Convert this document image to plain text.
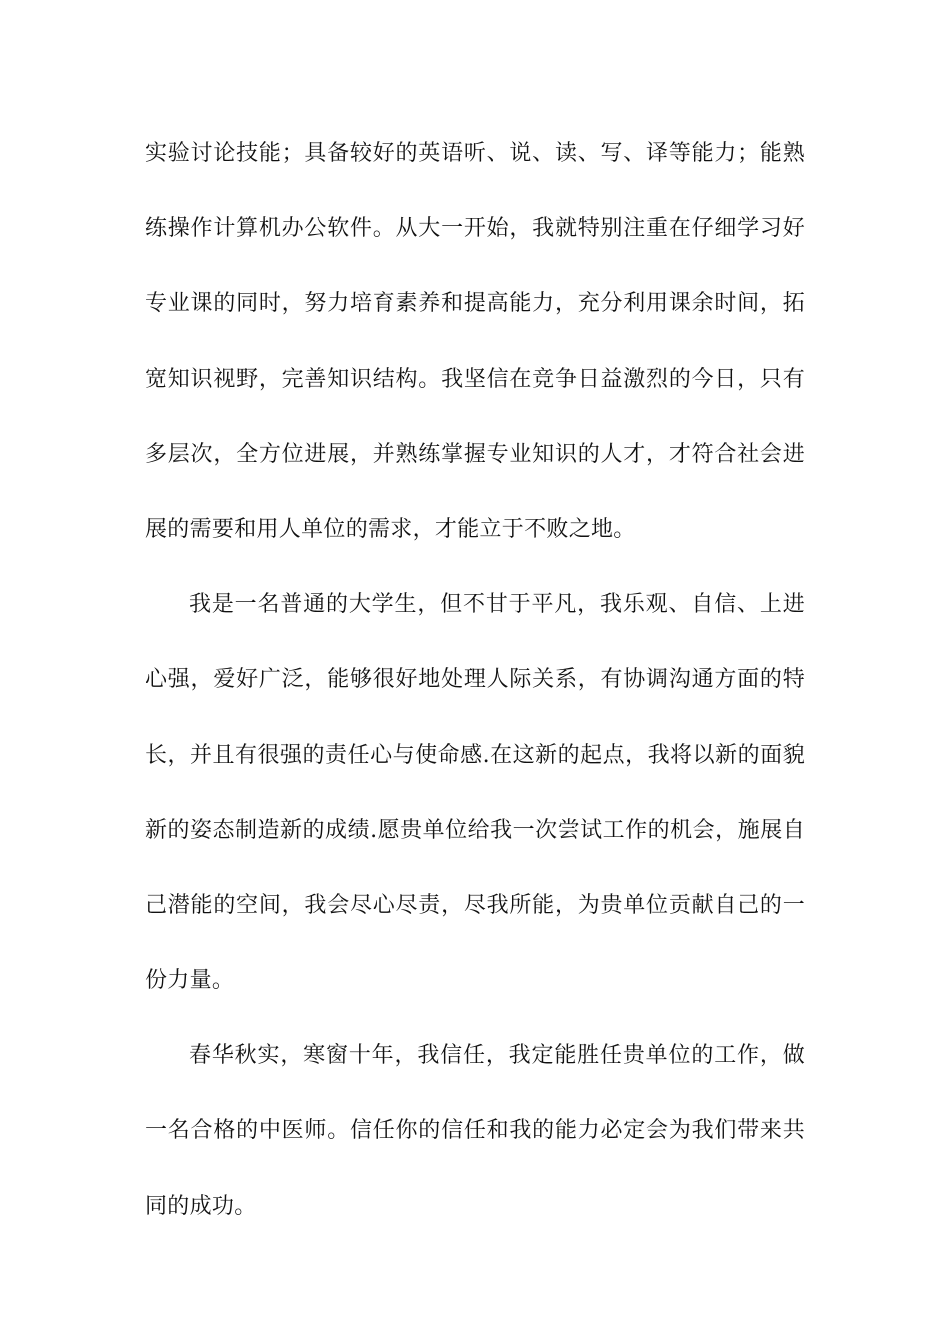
实验讨论技能；具备较好的英语听、说、读、写、译等能力；能熟
练操作计算机办公软件。从大一开始，我就特别注重在仔细学习好
专业课的同时，努力培育素养和提高能力，充分利用课余时间，拓
宽知识视野，完善知识结构。我坚信在竞争日益激烈的今日，只有
多层次，全方位进展，并熟练掌握专业知识的人才，才符合社会进
展的需要和用人单位的需求，才能立于不败之地。
我是一名普通的大学生，但不甘于平凡，我乐观、自信、上进
心强，爱好广泛，能够很好地处理人际关系，有协调沟通方面的特
长，并且有很强的责任心与使命感.在这新的起点，我将以新的面貌
新的姿态制造新的成绩.愿贵单位给我一次尝试工作的机会，施展自
己潜能的空间，我会尽心尽责，尽我所能，为贵单位贡献自己的一
份力量。
春华秋实，寒窗十年，我信任，我定能胜任贵单位的工作，做
一名合格的中医师。信任你的信任和我的能力必定会为我们带来共
同的成功。
